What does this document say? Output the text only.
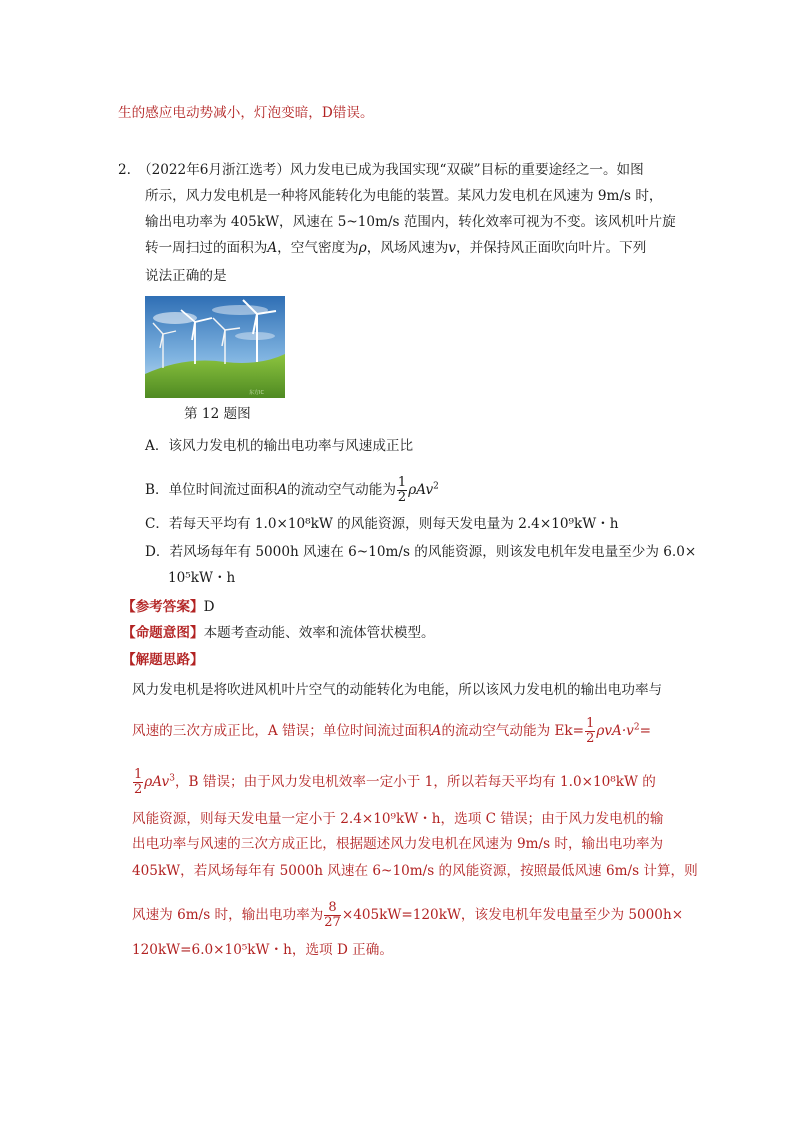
生的感应电动势减小，灯泡变暗，D错误。
2. （2022年6月浙江选考）风力发电已成为我国实现“双碳”目标的重要途经之一。如图
所示，风力发电机是一种将风能转化为电能的装置。某风力发电机在风速为 9m/s 时，
输出电功率为 405kW，风速在 5~10m/s 范围内，转化效率可视为不变。该风机叶片旋
转一周扫过的面积为A，空气密度为ρ，风场风速为v，并保持风正面吹向叶片。下列
说法正确的是
东方IC
第 12 题图
A．该风力发电机的输出电功率与风速成正比
B．单位时间流过面积A的流动空气动能为 $\frac{1}{2} \rho Av^2$
C．若每天平均有 1.0×10⁸kW 的风能资源，则每天发电量为 2.4×10⁹kW・h
D．若风场每年有 5000h 风速在 6~10m/s 的风能资源，则该发电机年发电量至少为 6.0×
10⁵kW・h
【参考答案】D
【命题意图】本题考查动能、效率和流体管状模型。
【解题思路】
风力发电机是将吹进风机叶片空气的动能转化为电能，所以该风力发电机的输出电功率与
风速的三次方成正比，A 错误；单位时间流过面积A的流动空气动能为 $Ek= \frac{1}{2} \rho vA\cdot v^2=$
$\frac{1}{2} \rho Av^3$，B 错误；由于风力发电机效率一定小于 1，所以若每天平均有 1.0×10⁸kW 的
风能资源，则每天发电量一定小于 2.4×10⁹kW・h，选项 C 错误；由于风力发电机的输
出电功率与风速的三次方成正比，根据题述风力发电机在风速为 9m/s 时，输出电功率为
405kW，若风场每年有 5000h 风速在 6~10m/s 的风能资源，按照最低风速 6m/s 计算，则
风速为 6m/s 时，输出电功率为 $\frac{8}{27} \times 405kW=120kW$，该发电机年发电量至少为 5000h×
120kW=6.0×10⁵kW・h，选项 D 正确。
